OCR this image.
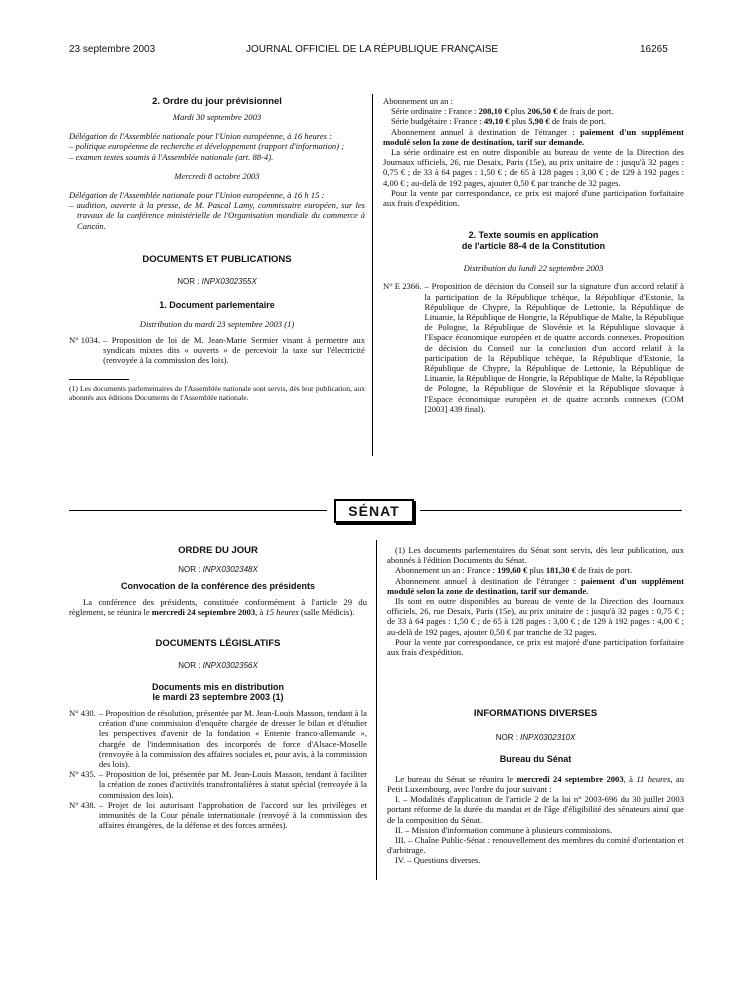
23 septembre 2003	JOURNAL OFFICIEL DE LA RÉPUBLIQUE FRANÇAISE	16265
2. Ordre du jour prévisionnel
Mardi 30 septembre 2003

Délégation de l'Assemblée nationale pour l'Union européenne, à 16 heures :

– politique européenne de recherche et développement (rapport d'information) ;

– examen textes soumis à l'Assemblée nationale (art. 88-4).

Mercredi 8 octobre 2003

Délégation de l'Assemblée nationale pour l'Union européenne, à 16 h 15 :

– audition, ouverte à la presse, de M. Pascal Lamy, commissaire européen, sur les travaux de la conférence ministérielle de l'Organisation mondiale du commerce à Cancún.

DOCUMENTS ET PUBLICATIONS
NOR : INPX0302355X
1. Document parlementaire
Distribution du mardi 23 septembre 2003 (1)
N° 1034. – Proposition de loi de M. Jean-Marie Sermier visant à permettre aux syndicats mixtes dits « ouverts » de percevoir la taxe sur l'électricité (renvoyée à la commission des lois).

(1) Les documents parlementaires de l'Assemblée nationale sont servis, dès leur publication, aux abonnés aux éditions Documents de l'Assemblée nationale.

Abonnement un an :

Série ordinaire : France : 208,10 € plus 206,50 € de frais de port.

Série budgétaire : France : 49,10 € plus 5,90 € de frais de port.

Abonnement annuel à destination de l'étranger : paiement d'un supplément modulé selon la zone de destination, tarif sur demande.

La série ordinaire est en outre disponible au bureau de vente de la Direction des Journaux officiels, 26, rue Desaix, Paris (15e), au prix unitaire de : jusqu'à 32 pages : 0,75 € ; de 33 à 64 pages : 1,50 € ; de 65 à 128 pages : 3,00 € ; de 129 à 192 pages : 4,00 € ; au-delà de 192 pages, ajouter 0,50 € par tranche de 32 pages.

Pour la vente par correspondance, ce prix est majoré d'une participation forfaitaire aux frais d'expédition.

2. Texte soumis en application
de l'article 88-4 de la Constitution
Distribution du lundi 22 septembre 2003
N° E 2366. – Proposition de décision du Conseil sur la signature d'un accord relatif à la participation de la République tchèque, la République d'Estonie, la République de Chypre, la République de Lettonie, la République de Lituanie, la République de Hongrie, la République de Malte, la République de Pologne, la République de Slovénie et la République slovaque à l'Espace économique européen et de quatre accords connexes. Proposition de décision du Conseil sur la conclusion d'un accord relatif à la participation de la République tchèque, la République d'Estonie, la République de Chypre, la République de Lettonie, la République de Lituanie, la République de Hongrie, la République de Malte, la République de Pologne, la République de Slovénie et la République slovaque à l'Espace économique européen et de quatre accords connexes (COM [2003] 439 final).
SÉNAT
ORDRE DU JOUR
NOR : INPX0302348X
Convocation de la conférence des présidents

La conférence des présidents, constituée conformément à l'article 29 du règlement, se réunira le mercredi 24 septembre 2003, à 15 heures (salle Médicis).

DOCUMENTS LÉGISLATIFS
NOR : INPX0302356X
Documents mis en distribution
le mardi 23 septembre 2003 (1)
N° 430. – Proposition de résolution, présentée par M. Jean-Louis Masson, tendant à la création d'une commission d'enquête chargée de dresser le bilan et d'étudier les perspectives d'avenir de la fondation « Entente franco-allemande », chargée de l'indemnisation des incorporés de force d'Alsace-Moselle (renvoyée à la commission des affaires sociales et, pour avis, à la commission des lois).
N° 435. – Proposition de loi, présentée par M. Jean-Louis Masson, tendant à faciliter la création de zones d'activités transfrontalières à statut spécial (renvoyée à la commission des lois).
N° 438. – Projet de loi autorisant l'approbation de l'accord sur les privilèges et immunités de la Cour pénale internationale (renvoyé à la commission des affaires étrangères, de la défense et des forces armées).

(1) Les documents parlementaires du Sénat sont servis, dès leur publication, aux abonnés à l'édition Documents du Sénat.

Abonnement un an : France : 199,60 € plus 181,30 € de frais de port.

Abonnement annuel à destination de l'étranger : paiement d'un supplément modulé selon la zone de destination, tarif sur demande.

Ils sont en outre disponibles au bureau de vente de la Direction des Journaux officiels, 26, rue Desaix, Paris (15e), au prix unitaire de : jusqu'à 32 pages : 0,75 € ; de 33 à 64 pages : 1,50 € ; de 65 à 128 pages : 3,00 € ; de 129 à 192 pages : 4,00 € ; au-delà de 192 pages, ajouter 0,50 € par tranche de 32 pages.

Pour la vente par correspondance, ce prix est majoré d'une participation forfaitaire aux frais d'expédition.

INFORMATIONS DIVERSES
NOR : INPX0302310X
Bureau du Sénat

Le bureau du Sénat se réunira le mercredi 24 septembre 2003, à 11 heures, au Petit Luxembourg, avec l'ordre du jour suivant :

I. – Modalités d'application de l'article 2 de la loi n° 2003-696 du 30 juillet 2003 portant réforme de la durée du mandat et de l'âge d'éligibilité des sénateurs ainsi que de la composition du Sénat.

II. – Mission d'information commune à plusieurs commissions.

III. – Chaîne Public-Sénat : renouvellement des membres du comité d'orientation et d'arbitrage.

IV. – Questions diverses.
